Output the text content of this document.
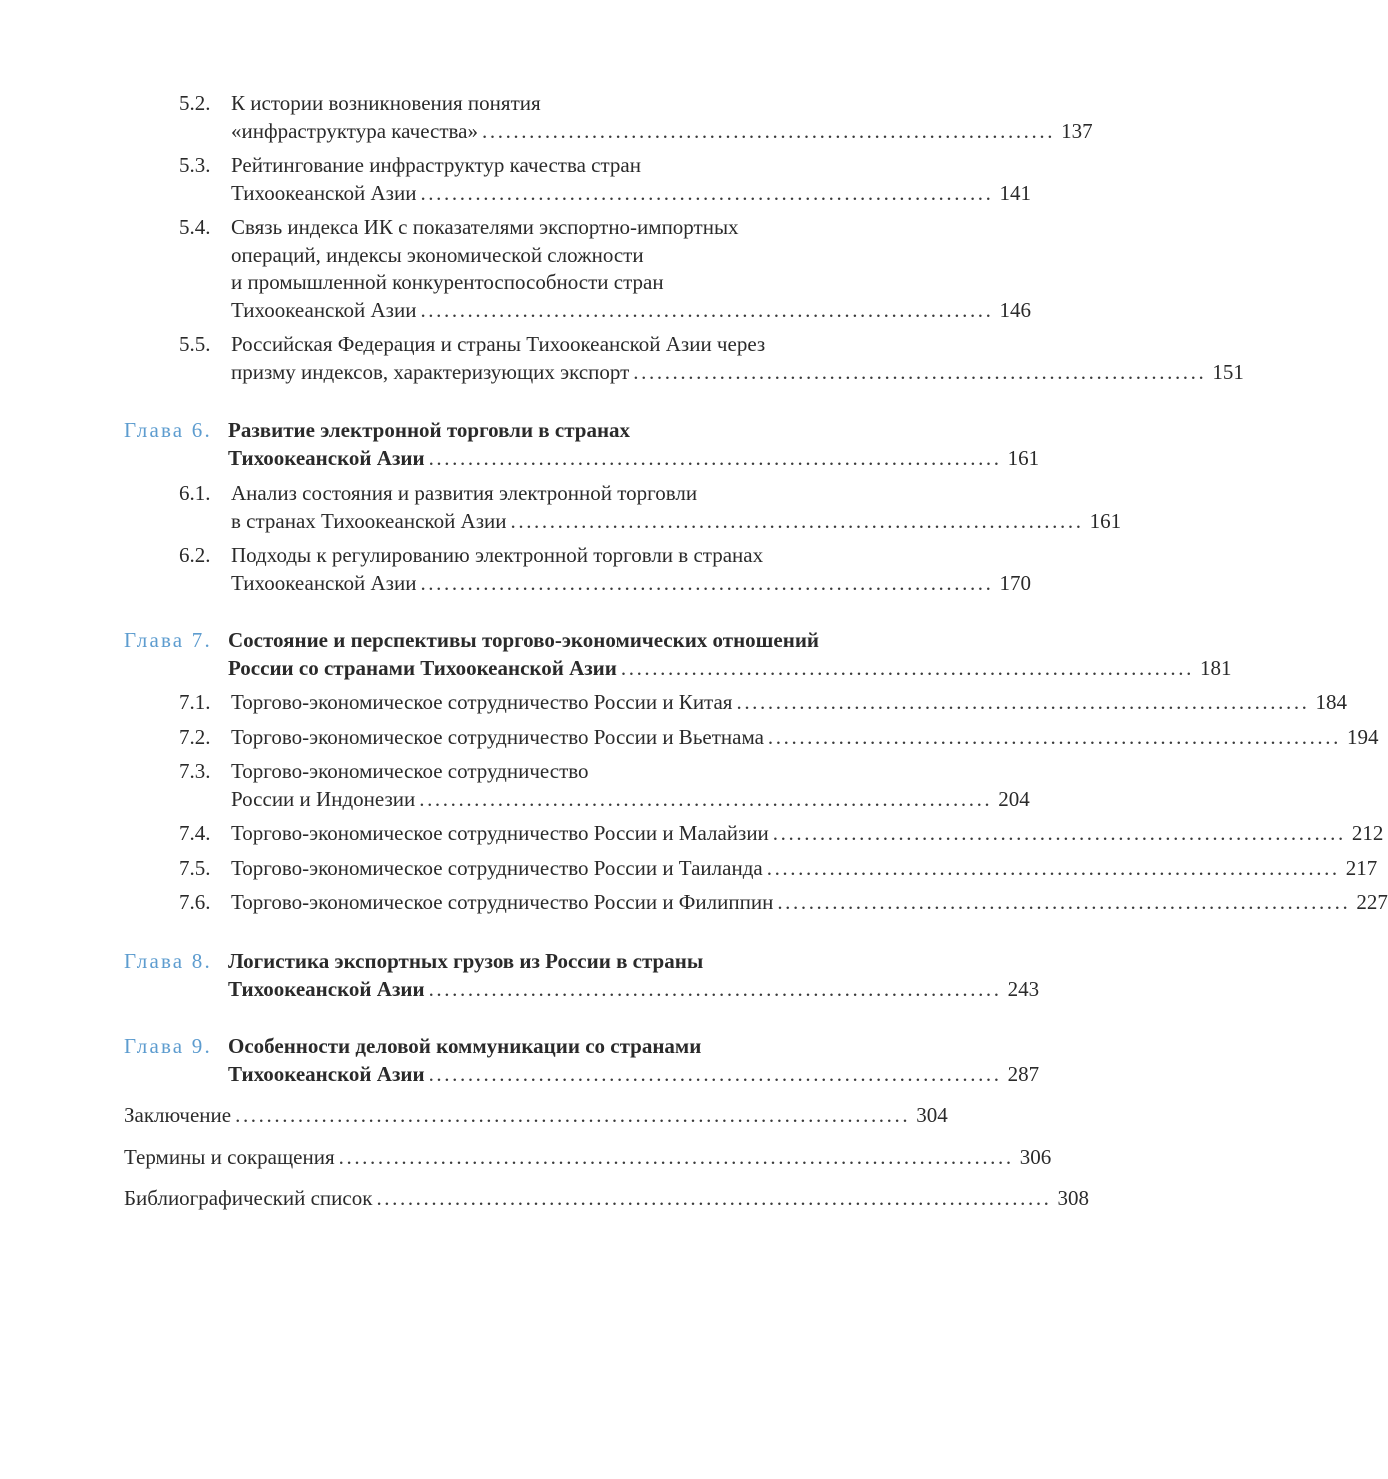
5.2. К истории возникновения понятия
«инфраструктура качества» ......................................................................... 137
5.3. Рейтингование инфраструктур качества стран
Тихоокеанской Азии ......................................................................... 141
5.4. Связь индекса ИК с показателями экспортно-импортных
операций, индексы экономической сложности
и промышленной конкурентоспособности стран
Тихоокеанской Азии ......................................................................... 146
5.5. Российская Федерация и страны Тихоокеанской Азии через
призму индексов, характеризующих экспорт ......................................................................... 151
Глава 6. Развитие электронной торговли в странах
Тихоокеанской Азии ......................................................................... 161
6.1. Анализ состояния и развития электронной торговли
в странах Тихоокеанской Азии ......................................................................... 161
6.2. Подходы к регулированию электронной торговли в странах
Тихоокеанской Азии ......................................................................... 170
Глава 7. Состояние и перспективы торгово-экономических отношений
России со странами Тихоокеанской Азии ......................................................................... 181
7.1. Торгово-экономическое сотрудничество России и Китая ......................................................................... 184
7.2. Торгово-экономическое сотрудничество России и Вьетнама ......................................................................... 194
7.3. Торгово-экономическое сотрудничество
России и Индонезии ......................................................................... 204
7.4. Торгово-экономическое сотрудничество России и Малайзии ......................................................................... 212
7.5. Торгово-экономическое сотрудничество России и Таиланда ......................................................................... 217
7.6. Торгово-экономическое сотрудничество России и Филиппин ......................................................................... 227
Глава 8. Логистика экспортных грузов из России в страны
Тихоокеанской Азии ......................................................................... 243
Глава 9. Особенности деловой коммуникации со странами
Тихоокеанской Азии ......................................................................... 287
Заключение ...................................................................................... 304
Термины и сокращения ...................................................................................... 306
Библиографический список ...................................................................................... 308
